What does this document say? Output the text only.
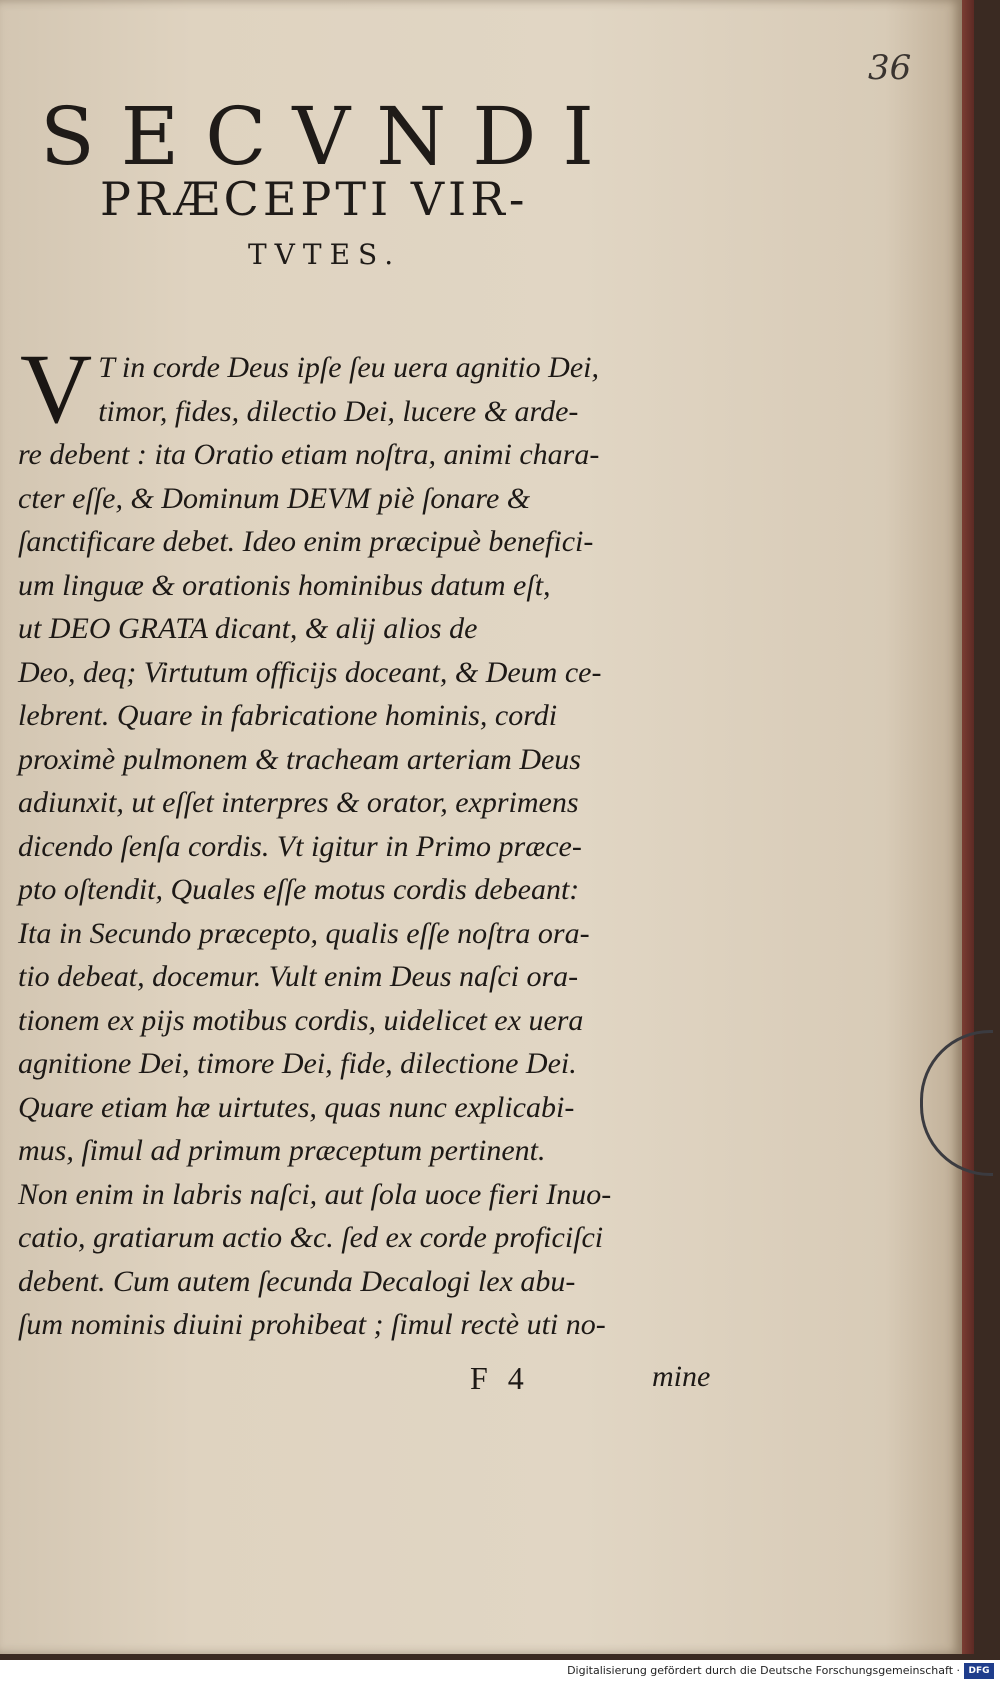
36
SECVNDI
PRÆCEPTI VIR-
TVTES.
V T in corde Deus ipſe ſeu uera agnitio Dei,
timor, fides, dilectio Dei, lucere & arde-
re debent : ita Oratio etiam noſtra, animi chara-
cter eſſe, & Dominum DEVM piè ſonare &
ſanctificare debet. Ideo enim præcipuè benefici-
um linguæ & orationis hominibus datum eſt,
ut DEO GRATA dicant, & alij alios de
Deo, deq; Virtutum officijs doceant, & Deum ce-
lebrent. Quare in fabricatione hominis, cordi
proximè pulmonem & tracheam arteriam Deus
adiunxit, ut eſſet interpres & orator, exprimens
dicendo ſenſa cordis. Vt igitur in Primo præce-
pto oſtendit, Quales eſſe motus cordis debeant:
Ita in Secundo præcepto, qualis eſſe noſtra ora-
tio debeat, docemur. Vult enim Deus naſci ora-
tionem ex pijs motibus cordis, uidelicet ex uera
agnitione Dei, timore Dei, fide, dilectione Dei.
Quare etiam hæ uirtutes, quas nunc explicabi-
mus, ſimul ad primum præceptum pertinent.
Non enim in labris naſci, aut ſola uoce fieri Inuo-
catio, gratiarum actio &c. ſed ex corde proficiſci
debent. Cum autem ſecunda Decalogi lex abu-
ſum nominis diuini prohibeat ; ſimul rectè uti no-
F 4	mine
Digitalisierung gefördert durch die Deutsche Forschungsgemeinschaft · DFG
